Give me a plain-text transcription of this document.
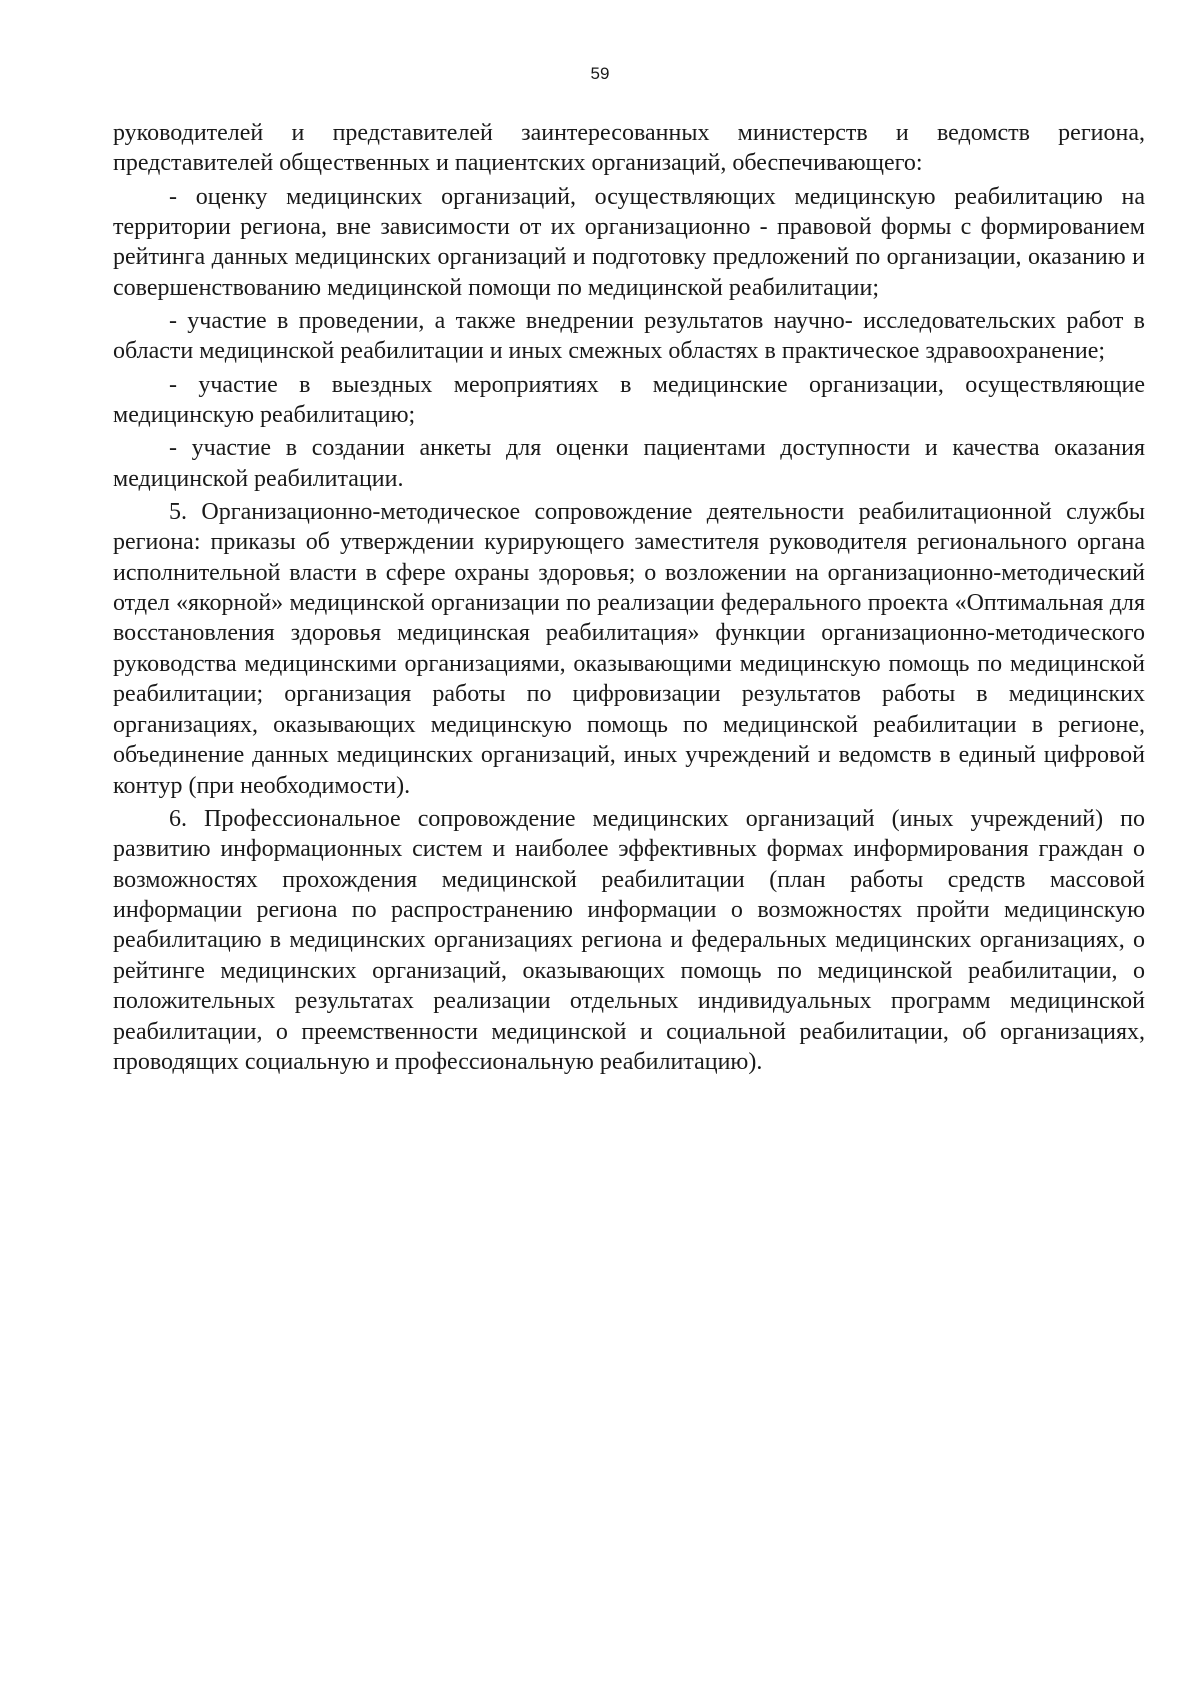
59

руководителей и представителей заинтересованных министерств и ведомств региона, представителей общественных и пациентских организаций, обеспечивающего:

- оценку медицинских организаций, осуществляющих медицинскую реабилитацию на территории региона, вне зависимости от их организационно - правовой формы с формированием рейтинга данных медицинских организаций и подготовку предложений по организации, оказанию и совершенствованию медицинской помощи по медицинской реабилитации;

- участие в проведении, а также внедрении результатов научно- исследовательских работ в области медицинской реабилитации и иных смежных областях в практическое здравоохранение;

- участие в выездных мероприятиях в медицинские организации, осуществляющие медицинскую реабилитацию;

- участие в создании анкеты для оценки пациентами доступности и качества оказания медицинской реабилитации.

5. Организационно-методическое сопровождение деятельности реабилитационной службы региона: приказы об утверждении курирующего заместителя руководителя регионального органа исполнительной власти в сфере охраны здоровья; о возложении на организационно-методический отдел «якорной» медицинской организации по реализации федерального проекта «Оптимальная для восстановления здоровья медицинская реабилитация» функции организационно-методического руководства медицинскими организациями, оказывающими медицинскую помощь по медицинской реабилитации; организация работы по цифровизации результатов работы в медицинских организациях, оказывающих медицинскую помощь по медицинской реабилитации в регионе, объединение данных медицинских организаций, иных учреждений и ведомств в единый цифровой контур (при необходимости).

6. Профессиональное сопровождение медицинских организаций (иных учреждений) по развитию информационных систем и наиболее эффективных формах информирования граждан о возможностях прохождения медицинской реабилитации (план работы средств массовой информации региона по распространению информации о возможностях пройти медицинскую реабилитацию в медицинских организациях региона и федеральных медицинских организациях, о рейтинге медицинских организаций, оказывающих помощь по медицинской реабилитации, о положительных результатах реализации отдельных индивидуальных программ медицинской реабилитации, о преемственности медицинской и социальной реабилитации, об организациях, проводящих социальную и профессиональную реабилитацию).
